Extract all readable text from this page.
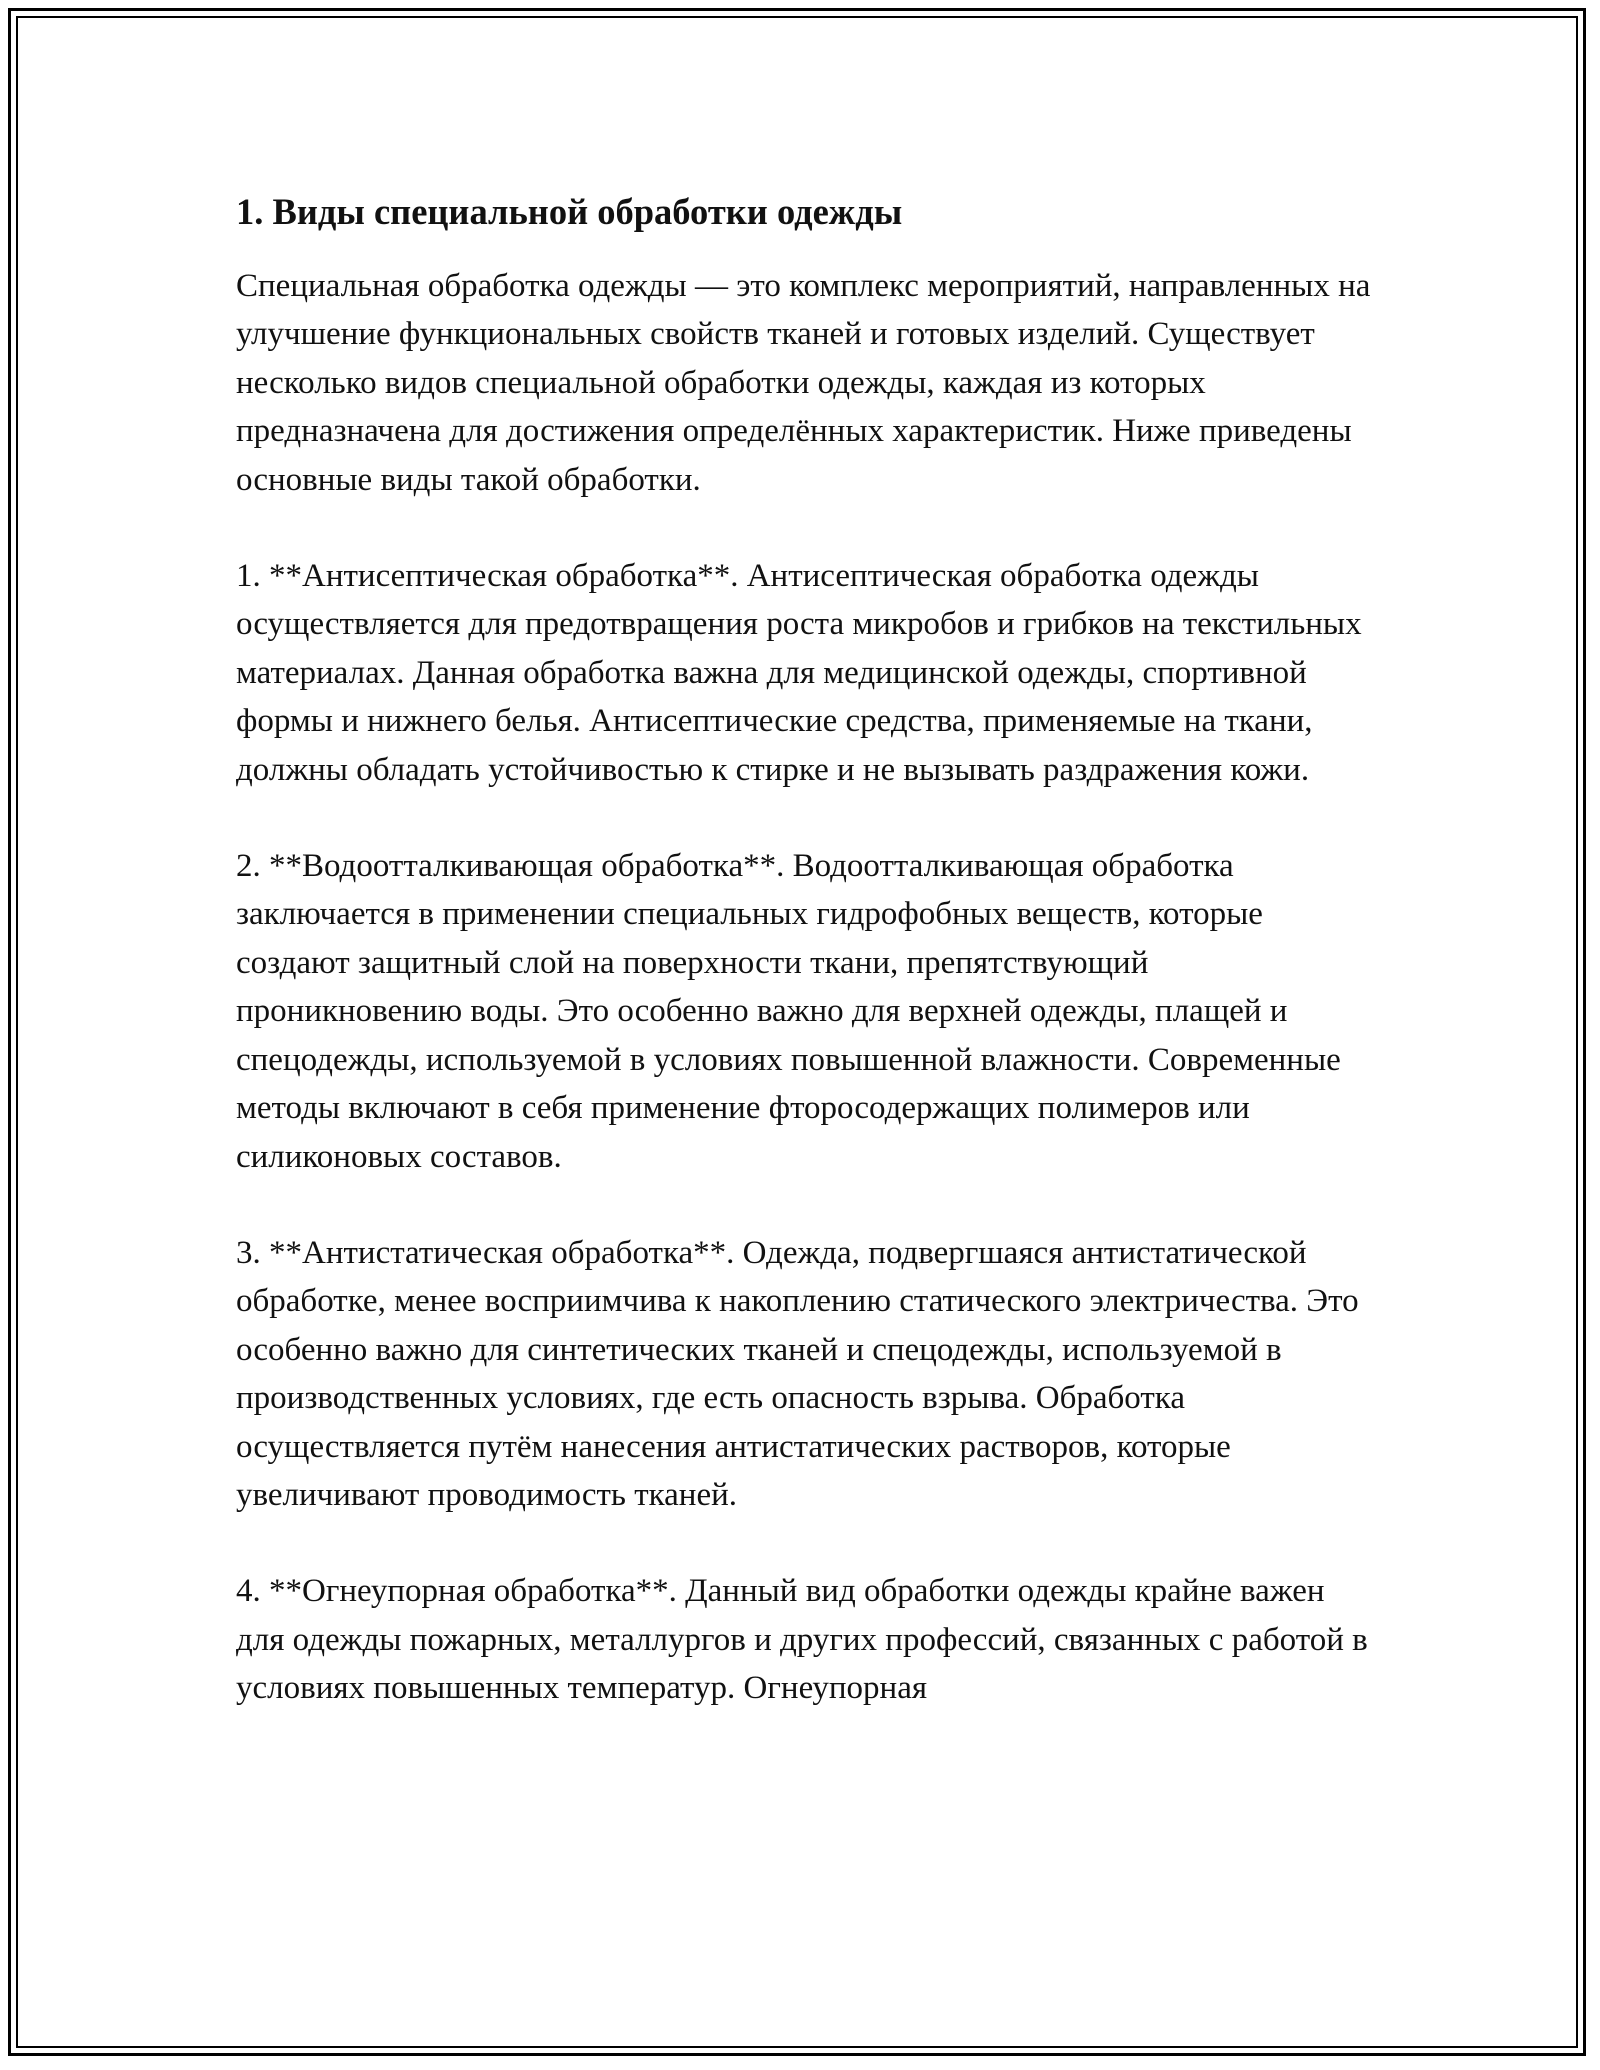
1. Виды специальной обработки одежды

Специальная обработка одежды — это комплекс мероприятий, направленных на улучшение функциональных свойств тканей и готовых изделий. Существует несколько видов специальной обработки одежды, каждая из которых предназначена для достижения определённых характеристик. Ниже приведены основные виды такой обработки.

1. **Антисептическая обработка**. Антисептическая обработка одежды осуществляется для предотвращения роста микробов и грибков на текстильных материалах. Данная обработка важна для медицинской одежды, спортивной формы и нижнего белья. Антисептические средства, применяемые на ткани, должны обладать устойчивостью к стирке и не вызывать раздражения кожи.

2. **Водоотталкивающая обработка**. Водоотталкивающая обработка заключается в применении специальных гидрофобных веществ, которые создают защитный слой на поверхности ткани, препятствующий проникновению воды. Это особенно важно для верхней одежды, плащей и спецодежды, используемой в условиях повышенной влажности. Современные методы включают в себя применение фторосодержащих полимеров или силиконовых составов.

3. **Антистатическая обработка**. Одежда, подвергшаяся антистатической обработке, менее восприимчива к накоплению статического электричества. Это особенно важно для синтетических тканей и спецодежды, используемой в производственных условиях, где есть опасность взрыва. Обработка осуществляется путём нанесения антистатических растворов, которые увеличивают проводимость тканей.

4. **Огнеупорная обработка**. Данный вид обработки одежды крайне важен для одежды пожарных, металлургов и других профессий, связанных с работой в условиях повышенных температур. Огнеупорная
